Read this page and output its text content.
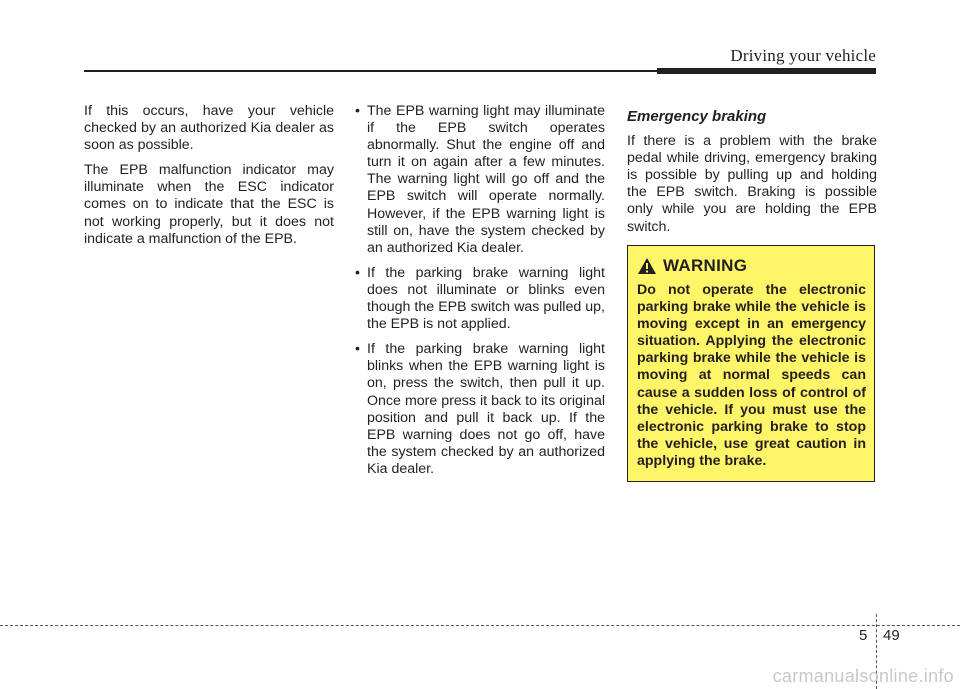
Driving your vehicle

If this occurs, have your vehicle checked by an authorized Kia dealer as soon as possible.

The EPB malfunction indicator may illuminate when the ESC indicator comes on to indicate that the ESC is not working properly, but it does not indicate a malfunction of the EPB.

• The EPB warning light may illuminate if the EPB switch operates abnormally. Shut the engine off and turn it on again after a few minutes. The warning light will go off and the EPB switch will operate normally. However, if the EPB warning light is still on, have the system checked by an authorized Kia dealer.
• If the parking brake warning light does not illuminate or blinks even though the EPB switch was pulled up, the EPB is not applied.
• If the parking brake warning light blinks when the EPB warning light is on, press the switch, then pull it up. Once more press it back to its original position and pull it back up. If the EPB warning does not go off, have the system checked by an authorized Kia dealer.
Emergency braking

If there is a problem with the brake pedal while driving, emergency braking is possible by pulling up and holding the EPB switch. Braking is possible only while you are holding the EPB switch.

WARNING

Do not operate the electronic parking brake while the vehicle is moving except in an emergency situation. Applying the electronic parking brake while the vehicle is moving at normal speeds can cause a sudden loss of control of the vehicle. If you must use the electronic parking brake to stop the vehicle, use great caution in applying the brake.

5 49
carmanualsonline.info
